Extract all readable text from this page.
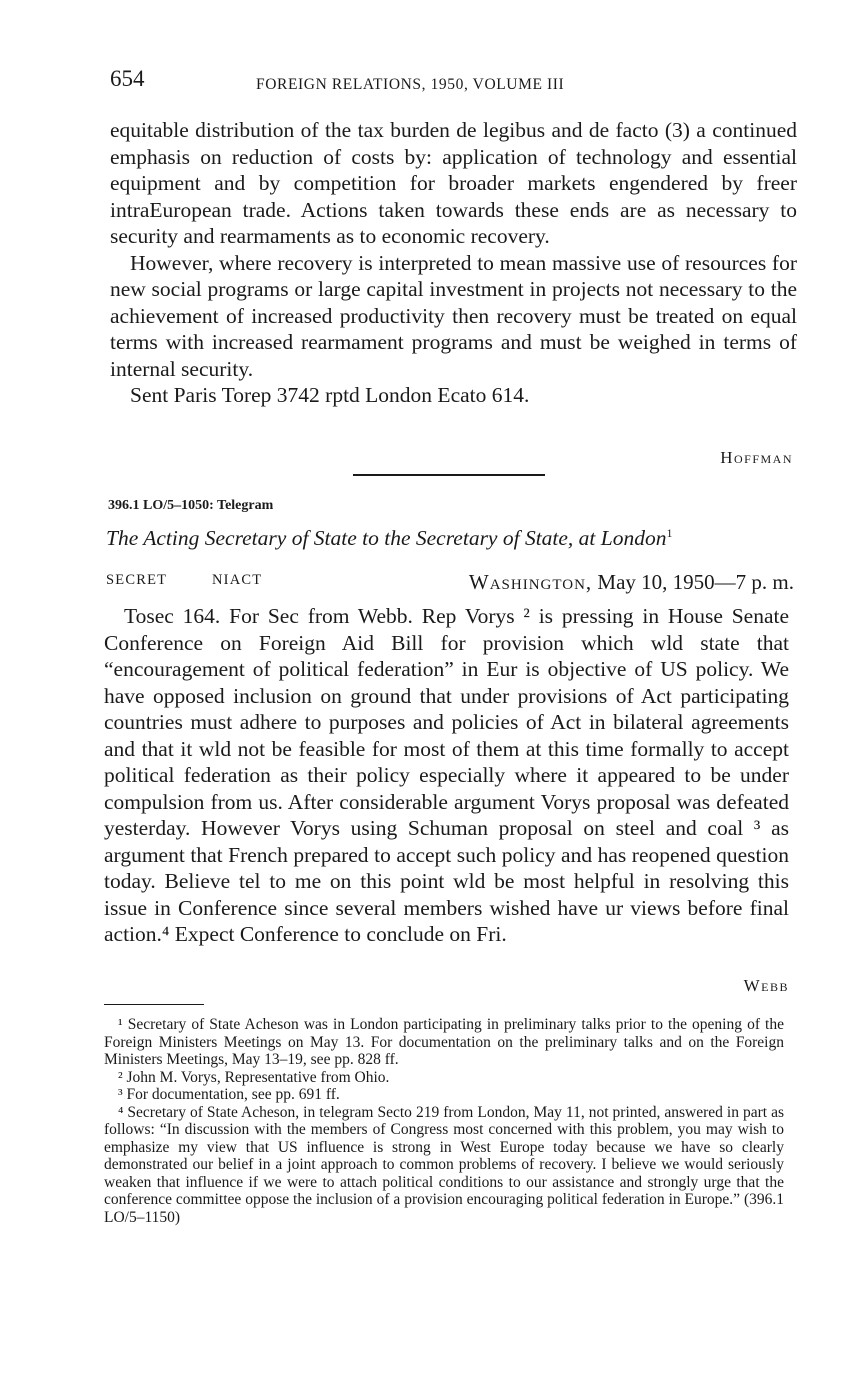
654	FOREIGN RELATIONS, 1950, VOLUME III

equitable distribution of the tax burden de legibus and de facto (3) a continued emphasis on reduction of costs by: application of technology and essential equipment and by competition for broader markets engendered by freer intraEuropean trade. Actions taken towards these ends are as necessary to security and rearmaments as to economic recovery.

However, where recovery is interpreted to mean massive use of resources for new social programs or large capital investment in projects not necessary to the achievement of increased productivity then recovery must be treated on equal terms with increased rearmament programs and must be weighed in terms of internal security.

Sent Paris Torep 3742 rptd London Ecato 614.

Hoffman
396.1 LO/5–1050: Telegram
The Acting Secretary of State to the Secretary of State, at London$^1$
SECRET	NIACT	Washington, May 10, 1950—7 p. m.

Tosec 164. For Sec from Webb. Rep Vorys ² is pressing in House Senate Conference on Foreign Aid Bill for provision which wld state that “encouragement of political federation” in Eur is objective of US policy. We have opposed inclusion on ground that under provisions of Act participating countries must adhere to purposes and policies of Act in bilateral agreements and that it wld not be feasible for most of them at this time formally to accept political federation as their policy especially where it appeared to be under compulsion from us. After considerable argument Vorys proposal was defeated yesterday. However Vorys using Schuman proposal on steel and coal ³ as argument that French prepared to accept such policy and has reopened question today. Believe tel to me on this point wld be most helpful in resolving this issue in Conference since several members wished have ur views before final action.⁴ Expect Conference to conclude on Fri.

Webb

¹ Secretary of State Acheson was in London participating in preliminary talks prior to the opening of the Foreign Ministers Meetings on May 13. For documentation on the preliminary talks and on the Foreign Ministers Meetings, May 13–19, see pp. 828 ff.

² John M. Vorys, Representative from Ohio.

³ For documentation, see pp. 691 ff.

⁴ Secretary of State Acheson, in telegram Secto 219 from London, May 11, not printed, answered in part as follows: “In discussion with the members of Congress most concerned with this problem, you may wish to emphasize my view that US influence is strong in West Europe today because we have so clearly demonstrated our belief in a joint approach to common problems of recovery. I believe we would seriously weaken that influence if we were to attach political conditions to our assistance and strongly urge that the conference committee oppose the inclusion of a provision encouraging political federation in Europe.” (396.1 LO/5–1150)
